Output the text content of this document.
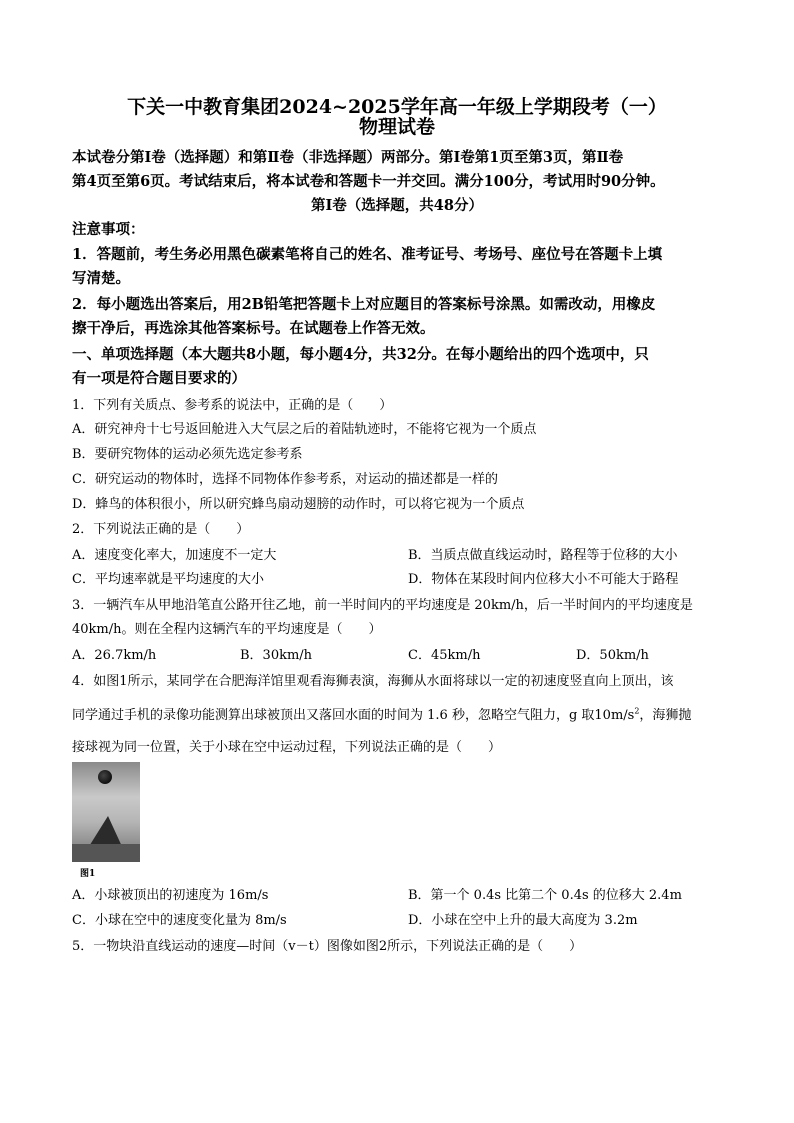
下关一中教育集团2024~2025学年高一年级上学期段考（一）
物理试卷
本试卷分第Ⅰ卷（选择题）和第Ⅱ卷（非选择题）两部分。第Ⅰ卷第1页至第3页，第Ⅱ卷
第4页至第6页。考试结束后，将本试卷和答题卡一并交回。满分100分，考试用时90分钟。
第Ⅰ卷（选择题，共48分）
注意事项：
1．答题前，考生务必用黑色碳素笔将自己的姓名、准考证号、考场号、座位号在答题卡上填
写清楚。
2．每小题选出答案后，用2B铅笔把答题卡上对应题目的答案标号涂黑。如需改动，用橡皮
擦干净后，再选涂其他答案标号。在试题卷上作答无效。
一、单项选择题（本大题共8小题，每小题4分，共32分。在每小题给出的四个选项中，只
有一项是符合题目要求的）
1．下列有关质点、参考系的说法中，正确的是（　　）
A．研究神舟十七号返回舱进入大气层之后的着陆轨迹时，不能将它视为一个质点
B．要研究物体的运动必须先选定参考系
C．研究运动的物体时，选择不同物体作参考系，对运动的描述都是一样的
D．蜂鸟的体积很小，所以研究蜂鸟扇动翅膀的动作时，可以将它视为一个质点
2．下列说法正确的是（　　）
A．速度变化率大，加速度不一定大	B．当质点做直线运动时，路程等于位移的大小
C．平均速率就是平均速度的大小	D．物体在某段时间内位移大小不可能大于路程
3．一辆汽车从甲地沿笔直公路开往乙地，前一半时间内的平均速度是 20km/h，后一半时间内的平均速度是
40km/h。则在全程内这辆汽车的平均速度是（　　）
A．26.7km/h	B．30km/h	C．45km/h	D．50km/h
4．如图1所示，某同学在合肥海洋馆里观看海狮表演，海狮从水面将球以一定的初速度竖直向上顶出，该
同学通过手机的录像功能测算出球被顶出又落回水面的时间为 1.6 秒，忽略空气阻力，g 取$10m/s^2$，海狮抛
接球视为同一位置，关于小球在空中运动过程，下列说法正确的是（　　）
图1
A．小球被顶出的初速度为 16m/s	B．第一个 0.4s 比第二个 0.4s 的位移大 2.4m
C．小球在空中的速度变化量为 8m/s	D．小球在空中上升的最大高度为 3.2m
5．一物块沿直线运动的速度—时间（v－t）图像如图2所示，下列说法正确的是（　　）
